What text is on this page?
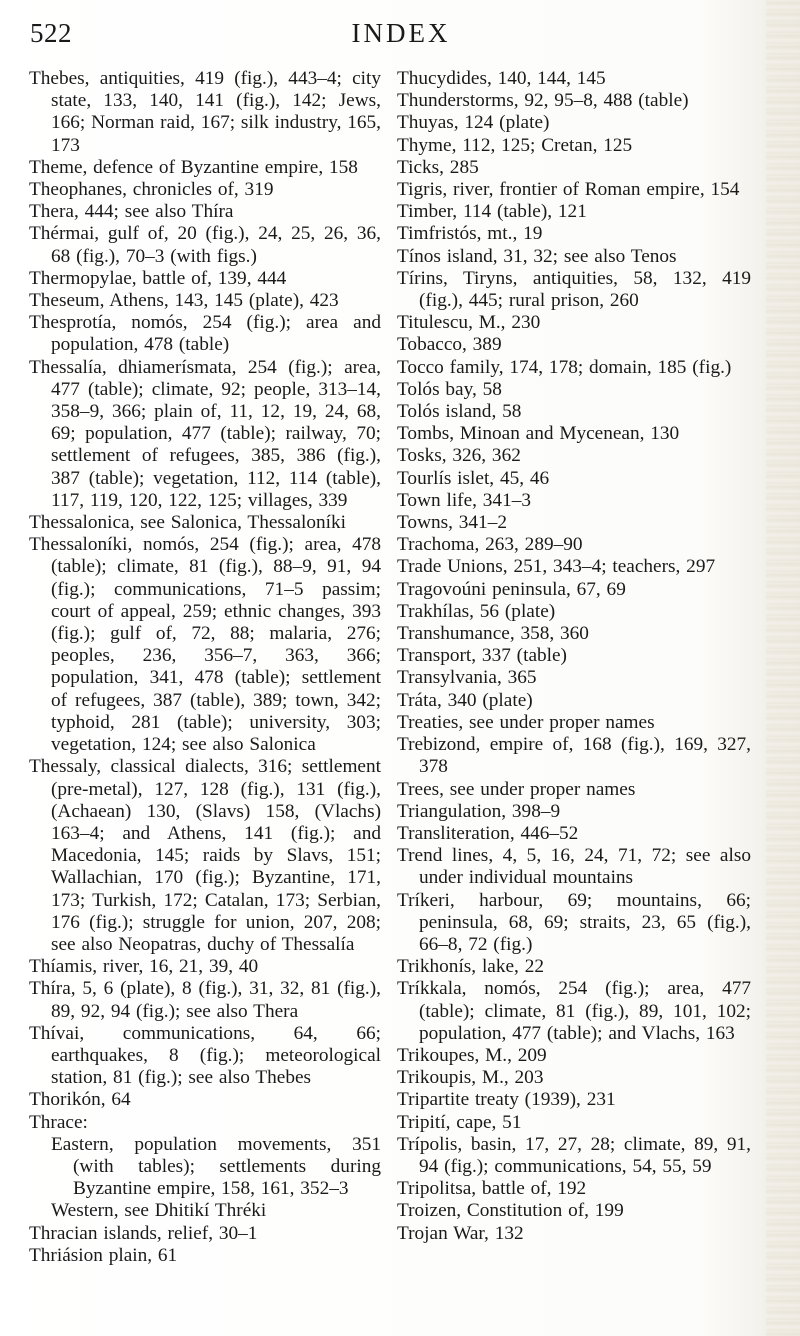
522	INDEX

Thebes, antiquities, 419 (fig.), 443–4; city state, 133, 140, 141 (fig.), 142; Jews, 166; Norman raid, 167; silk industry, 165, 173

Theme, defence of Byzantine empire, 158

Theophanes, chronicles of, 319

Thera, 444; see also Thíra

Thérmai, gulf of, 20 (fig.), 24, 25, 26, 36, 68 (fig.), 70–3 (with figs.)

Thermopylae, battle of, 139, 444

Theseum, Athens, 143, 145 (plate), 423

Thesprotía, nomós, 254 (fig.); area and population, 478 (table)

Thessalía, dhiamerísmata, 254 (fig.); area, 477 (table); climate, 92; people, 313–14, 358–9, 366; plain of, 11, 12, 19, 24, 68, 69; population, 477 (table); railway, 70; settlement of refugees, 385, 386 (fig.), 387 (table); vegetation, 112, 114 (table), 117, 119, 120, 122, 125; villages, 339

Thessalonica, see Salonica, Thessaloníki

Thessaloníki, nomós, 254 (fig.); area, 478 (table); climate, 81 (fig.), 88–9, 91, 94 (fig.); communications, 71–5 passim; court of appeal, 259; ethnic changes, 393 (fig.); gulf of, 72, 88; malaria, 276; peoples, 236, 356–7, 363, 366; population, 341, 478 (table); settlement of refugees, 387 (table), 389; town, 342; typhoid, 281 (table); university, 303; vegetation, 124; see also Salonica

Thessaly, classical dialects, 316; settlement (pre-metal), 127, 128 (fig.), 131 (fig.), (Achaean) 130, (Slavs) 158, (Vlachs) 163–4; and Athens, 141 (fig.); and Macedonia, 145; raids by Slavs, 151; Wallachian, 170 (fig.); Byzantine, 171, 173; Turkish, 172; Catalan, 173; Serbian, 176 (fig.); struggle for union, 207, 208; see also Neopatras, duchy of Thessalía

Thíamis, river, 16, 21, 39, 40

Thíra, 5, 6 (plate), 8 (fig.), 31, 32, 81 (fig.), 89, 92, 94 (fig.); see also Thera

Thívai, communications, 64, 66; earthquakes, 8 (fig.); meteorological station, 81 (fig.); see also Thebes

Thorikón, 64

Thrace:

Eastern, population movements, 351 (with tables); settlements during Byzantine empire, 158, 161, 352–3

Western, see Dhitikí Thréki

Thracian islands, relief, 30–1

Thriásion plain, 61

Thucydides, 140, 144, 145

Thunderstorms, 92, 95–8, 488 (table)

Thuyas, 124 (plate)

Thyme, 112, 125; Cretan, 125

Ticks, 285

Tigris, river, frontier of Roman empire, 154

Timber, 114 (table), 121

Timfristós, mt., 19

Tínos island, 31, 32; see also Tenos

Tírins, Tiryns, antiquities, 58, 132, 419 (fig.), 445; rural prison, 260

Titulescu, M., 230

Tobacco, 389

Tocco family, 174, 178; domain, 185 (fig.)

Tolós bay, 58

Tolós island, 58

Tombs, Minoan and Mycenean, 130

Tosks, 326, 362

Tourlís islet, 45, 46

Town life, 341–3

Towns, 341–2

Trachoma, 263, 289–90

Trade Unions, 251, 343–4; teachers, 297

Tragovoúni peninsula, 67, 69

Trakhílas, 56 (plate)

Transhumance, 358, 360

Transport, 337 (table)

Transylvania, 365

Tráta, 340 (plate)

Treaties, see under proper names

Trebizond, empire of, 168 (fig.), 169, 327, 378

Trees, see under proper names

Triangulation, 398–9

Transliteration, 446–52

Trend lines, 4, 5, 16, 24, 71, 72; see also under individual mountains

Tríkeri, harbour, 69; mountains, 66; peninsula, 68, 69; straits, 23, 65 (fig.), 66–8, 72 (fig.)

Trikhonís, lake, 22

Tríkkala, nomós, 254 (fig.); area, 477 (table); climate, 81 (fig.), 89, 101, 102; population, 477 (table); and Vlachs, 163

Trikoupes, M., 209

Trikoupis, M., 203

Tripartite treaty (1939), 231

Tripití, cape, 51

Trípolis, basin, 17, 27, 28; climate, 89, 91, 94 (fig.); communications, 54, 55, 59

Tripolitsa, battle of, 192

Troizen, Constitution of, 199

Trojan War, 132
